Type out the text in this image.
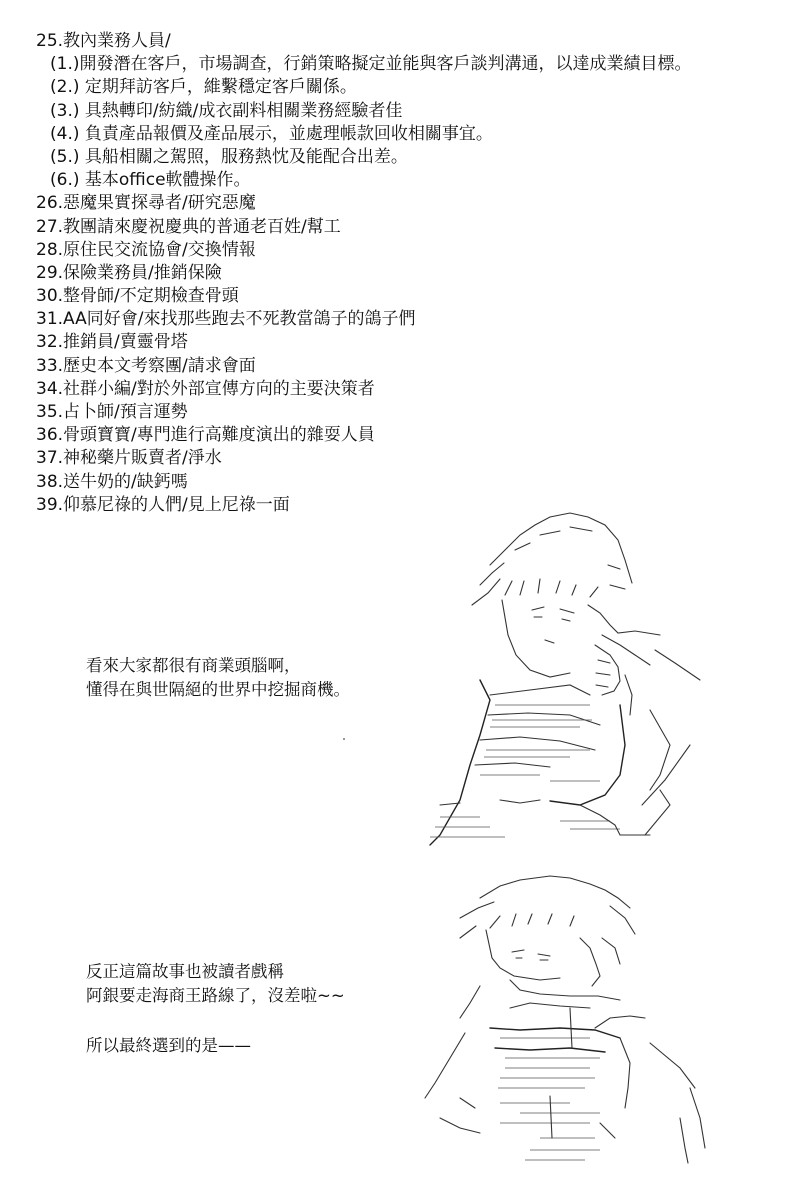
25.教內業務人員/
(1.)開發潛在客戶，市場調查，行銷策略擬定並能與客戶談判溝通，以達成業績目標。
(2.) 定期拜訪客戶，維繫穩定客戶關係。
(3.) 具熱轉印/紡織/成衣副料相關業務經驗者佳
(4.) 負責產品報價及產品展示，並處理帳款回收相關事宜。
(5.) 具船相關之駕照，服務熱忱及能配合出差。
(6.) 基本office軟體操作。
26.惡魔果實探尋者/研究惡魔
27.教團請來慶祝慶典的普通老百姓/幫工
28.原住民交流協會/交換情報
29.保險業務員/推銷保險
30.整骨師/不定期檢查骨頭
31.AA同好會/來找那些跑去不死教當鴿子的鴿子們
32.推銷員/賣靈骨塔
33.歷史本文考察團/請求會面
34.社群小編/對於外部宣傳方向的主要決策者
35.占卜師/預言運勢
36.骨頭寶寶/專門進行高難度演出的雜耍人員
37.神秘藥片販賣者/淨水
38.送牛奶的/缺鈣嗎
39.仰慕尼祿的人們/見上尼祿一面
看來大家都很有商業頭腦啊，
懂得在與世隔絕的世界中挖掘商機。
反正這篇故事也被讀者戲稱
阿銀要走海商王路線了，沒差啦~~
所以最終選到的是——
